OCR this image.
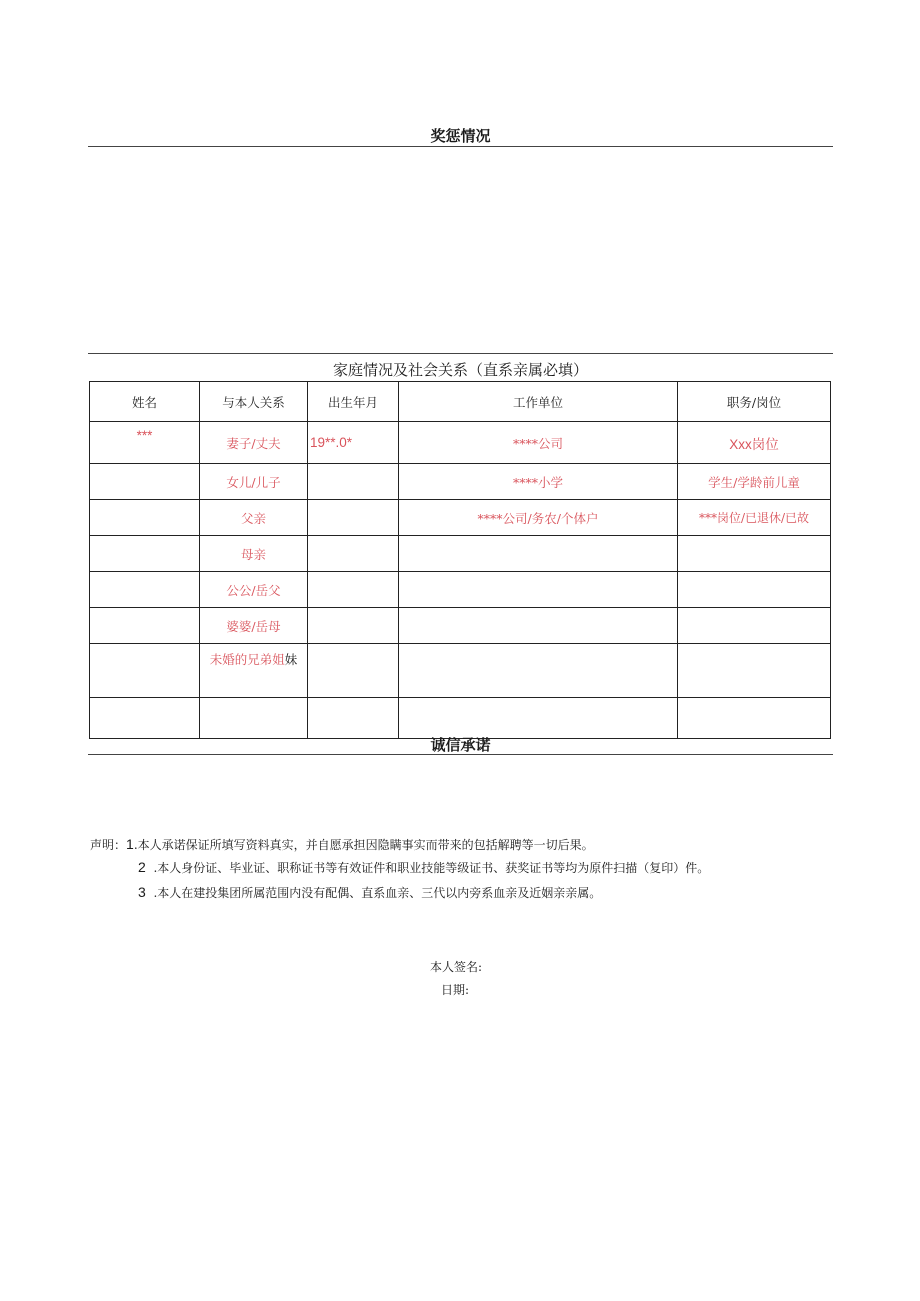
奖惩情况
家庭情况及社会关系（直系亲属必填）
姓名	与本人关系	出生年月	工作单位	职务/岗位
***	妻子/丈夫	19**.0*	****公司	Xxx岗位
	女儿/儿子		****小学	学生/学龄前儿童
	父亲		****公司/务农/个体户	***岗位/已退休/已故
	母亲			
	公公/岳父			
	婆婆/岳母			
	未婚的兄弟姐妹			

诚信承诺
声明：1.本人承诺保证所填写资料真实，并自愿承担因隐瞒事实而带来的包括解聘等一切后果。
2 .本人身份证、毕业证、职称证书等有效证件和职业技能等级证书、获奖证书等均为原件扫描（复印）件。
3 .本人在建投集团所属范围内没有配偶、直系血亲、三代以内旁系血亲及近姻亲亲属。
本人签名:
日期:
